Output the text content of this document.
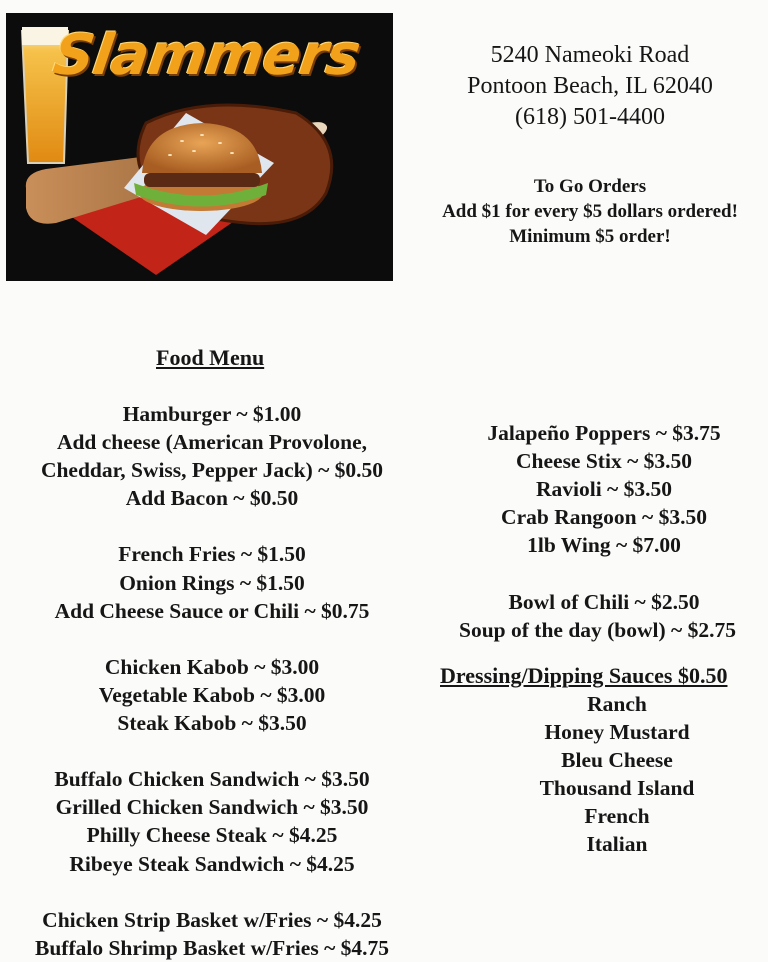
Slammers	5240 Nameoki Road
Pontoon Beach, IL 62040
(618) 501-4400
To Go Orders
Add $1 for every $5 dollars ordered!
Minimum $5 order!
Food Menu
Hamburger ~ $1.00
Add cheese (American Provolone,
Cheddar, Swiss, Pepper Jack) ~ $0.50
Add Bacon ~ $0.50
French Fries ~ $1.50
Onion Rings ~ $1.50
Add Cheese Sauce or Chili ~ $0.75
Chicken Kabob ~ $3.00
Vegetable Kabob ~ $3.00
Steak Kabob ~ $3.50
Buffalo Chicken Sandwich ~ $3.50
Grilled Chicken Sandwich ~ $3.50
Philly Cheese Steak ~ $4.25
Ribeye Steak Sandwich ~ $4.25
Chicken Strip Basket w/Fries ~ $4.25
Buffalo Shrimp Basket w/Fries ~ $4.75
Jalapeño Poppers ~ $3.75
Cheese Stix ~ $3.50
Ravioli ~ $3.50
Crab Rangoon ~ $3.50
1lb Wing ~ $7.00
Bowl of Chili ~ $2.50
Soup of the day (bowl) ~ $2.75
Dressing/Dipping Sauces $0.50
Ranch
Honey Mustard
Bleu Cheese
Thousand Island
French
Italian
